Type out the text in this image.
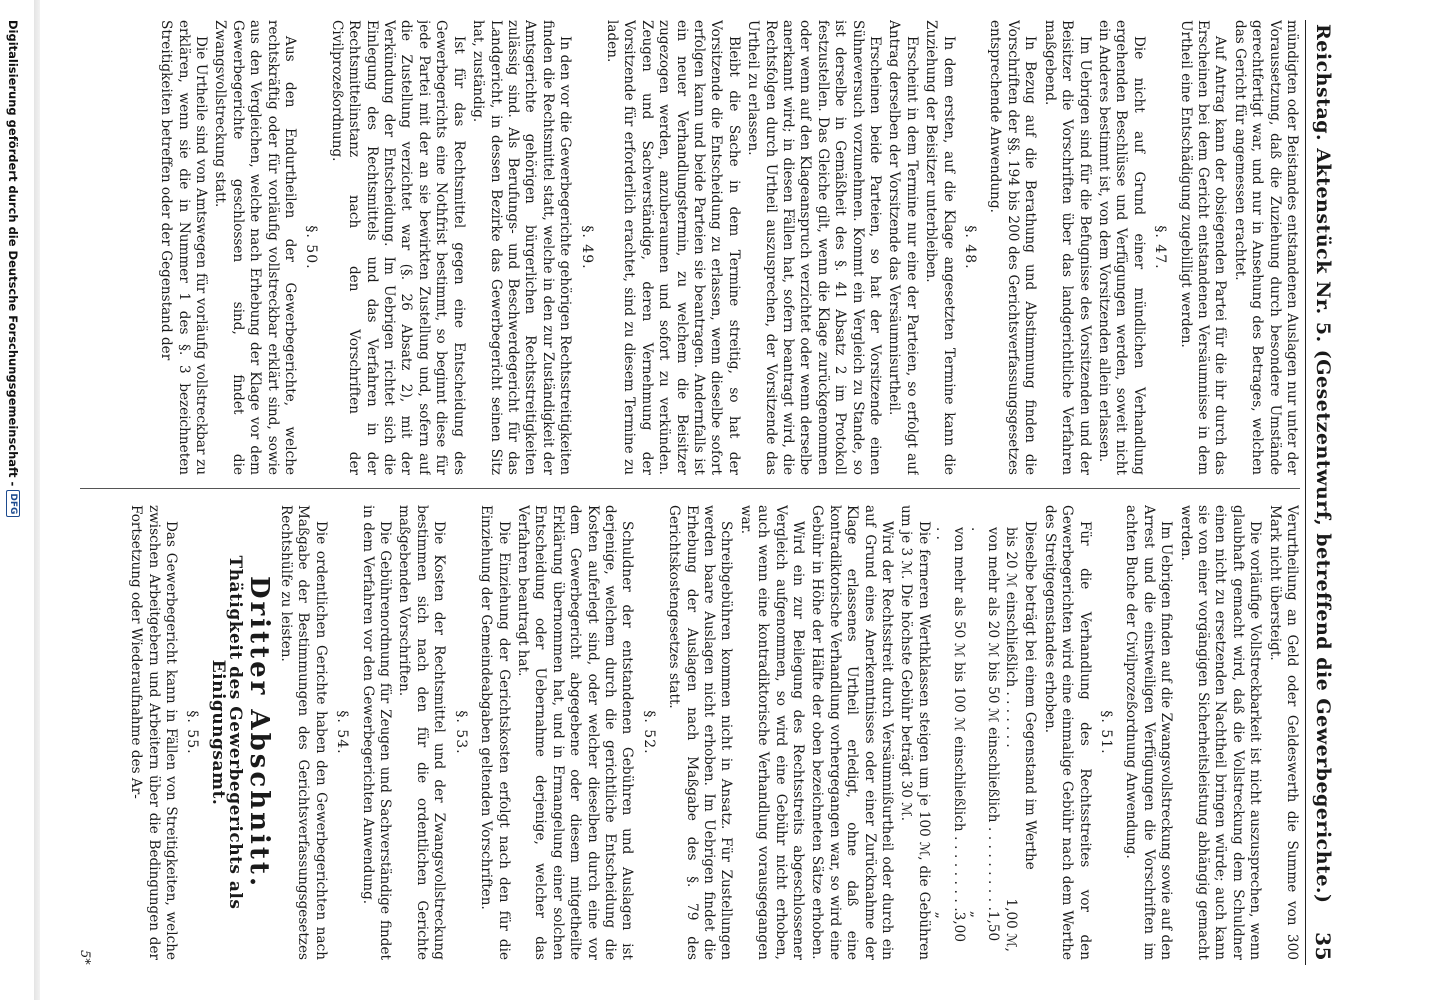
Reichstag. Aktenstück Nr. 5. (Gesetzentwurf, betreffend die Gewerbegerichte.)
35

mündigten oder Beistandes entstandenen Auslagen nur unter der Voraussetzung, daß die Zuziehung durch besondere Umstände gerechtfertigt war, und nur in Ansehung des Betrages, welchen das Gericht für angemessen erachtet.

Auf Antrag kann der obsiegenden Partei für die ihr durch das Erscheinen bei dem Gericht entstandenen Versäumnisse in dem Urtheil eine Entschädigung zugebilligt werden.

§. 47.

Die nicht auf Grund einer mündlichen Verhandlung ergehenden Beschlüsse und Verfügungen werden, soweit nicht ein Anderes bestimmt ist, von dem Vorsitzenden allein erlassen.

Im Uebrigen sind für die Befugnisse des Vorsitzenden und der Beisitzer die Vorschriften über das landgerichtliche Verfahren maßgebend.

In Bezug auf die Berathung und Abstimmung finden die Vorschriften der §§. 194 bis 200 des Gerichtsverfassungsgesetzes entsprechende Anwendung.

§. 48.

In dem ersten, auf die Klage angesetzten Termine kann die Zuziehung der Beisitzer unterbleiben.

Erscheint in dem Termine nur eine der Parteien, so erfolgt auf Antrag derselben der Vorsitzende das Versäumnisurtheil.

Erscheinen beide Parteien, so hat der Vorsitzende einen Sühneversuch vorzunehmen. Kommt ein Vergleich zu Stande, so ist derselbe in Gemäßheit des §. 41 Absatz 2 im Protokoll festzustellen. Das Gleiche gilt, wenn die Klage zurückgenommen oder wenn auf den Klageanspruch verzichtet oder wenn derselbe anerkannt wird; in diesen Fällen hat, sofern beantragt wird, die Rechtsfolgen durch Urtheil auszusprechen, der Vorsitzende das Urtheil zu erlassen.

Bleibt die Sache in dem Termine streitig, so hat der Vorsitzende die Entscheidung zu erlassen, wenn dieselbe sofort erfolgen kann und beide Parteien sie beantragen. Andernfalls ist ein neuer Verhandlungstermin, zu welchem die Beisitzer zugezogen werden, anzuberaumen und sofort zu verkünden. Zeugen und Sachverständige, deren Vernehmung der Vorsitzende für erforderlich erachtet, sind zu diesem Termine zu laden.

§. 49.

In den vor die Gewerbegerichte gehörigen Rechtsstreitigkeiten finden die Rechtsmittel statt, welche in den zur Zuständigkeit der Amtsgerichte gehörigen bürgerlichen Rechtsstreitigkeiten zulässig sind. Als Berufungs- und Beschwerdegericht für das Landgericht, in dessen Bezirke das Gewerbegericht seinen Sitz hat, zuständig.

Ist für das Rechtsmittel gegen eine Entscheidung des Gewerbegerichts eine Nothfrist bestimmt, so beginnt diese für jede Partei mit der an sie bewirkten Zustellung und, sofern auf die Zustellung verzichtet war (§. 26 Absatz 2), mit der Verkündung der Entscheidung. Im Uebrigen richtet sich die Einlegung des Rechtsmittels und das Verfahren in der Rechtsmittelinstanz nach den Vorschriften der Civilprozeßordnung.

§. 50.

Aus den Endurtheilen der Gewerbegerichte, welche rechtskräftig oder für vorläufig vollstreckbar erklärt sind, sowie aus den Vergleichen, welche nach Erhebung der Klage vor dem Gewerbegerichte geschlossen sind, findet die Zwangsvollstreckung statt.

Die Urtheile sind von Amtswegen für vorläufig vollstreckbar zu erklären, wenn sie die in Nummer 1 des §. 3 bezeichneten Streitigkeiten betreffen oder der Gegenstand der

Verurtheilung an Geld oder Geldeswerth die Summe von 300 Mark nicht übersteigt.

Die vorläufige Vollstreckbarkeit ist nicht auszusprechen, wenn glaubhaft gemacht wird, daß die Vollstreckung dem Schuldner einen nicht zu ersetzenden Nachtheil bringen würde; auch kann sie von einer vorgängigen Sicherheitsleistung abhängig gemacht werden.

Im Uebrigen finden auf die Zwangsvollstreckung sowie auf den Arrest und die einstweiligen Verfügungen die Vorschriften im achten Buche der Civilprozeßordnung Anwendung.

§. 51.

Für die Verhandlung des Rechtsstreites vor den Gewerbegerichten wird eine einmalige Gebühr nach dem Werthe des Streitgegenstandes erhoben.

Dieselbe beträgt bei einem Gegenstand im Werthe

bis 20 ℳ einschließlich . . . . . . .
1,00 ℳ,
von mehr als 20 ℳ bis 50 ℳ einschließlich . . . . . . . . . . .
1,50 „
von mehr als 50 ℳ bis 100 ℳ einschließlich . . . . . . . . . . .
3,00 „

Die ferneren Werthklassen steigen um je 100 ℳ, die Gebühren um je 3 ℳ. Die höchste Gebühr beträgt 30 ℳ.

Wird der Rechtsstreit durch Versäumnißurtheil oder durch ein auf Grund eines Anerkenntnisses oder einer Zurücknahme der Klage erlassenes Urtheil erledigt, ohne daß eine kontradiktorische Verhandlung vorhergegangen war, so wird eine Gebühr in Höhe der Hälfte der oben bezeichneten Sätze erhoben.

Wird ein zur Beilegung des Rechtsstreits abgeschlossener Vergleich aufgenommen, so wird eine Gebühr nicht erhoben, auch wenn eine kontradiktorische Verhandlung vorausgegangen war.

Schreibgebühren kommen nicht in Ansatz. Für Zustellungen werden baare Auslagen nicht erhoben. Im Uebrigen findet die Erhebung der Auslagen nach Maßgabe des §. 79 des Gerichtskostengesetzes statt.

§. 52.

Schuldner der entstandenen Gebühren und Auslagen ist derjenige, welchem durch die gerichtliche Entscheidung die Kosten auferlegt sind, oder welcher dieselben durch eine vor dem Gewerbegericht abgegebene oder diesem mitgetheilte Erklärung übernommen hat, und in Ermangelung einer solchen Entscheidung oder Uebernahme derjenige, welcher das Verfahren beantragt hat.

Die Einziehung der Gerichtskosten erfolgt nach den für die Einziehung der Gemeindeabgaben geltenden Vorschriften.

§. 53.

Die Kosten der Rechtsmittel und der Zwangsvollstreckung bestimmen sich nach den für die ordentlichen Gerichte maßgebenden Vorschriften.

Die Gebührenordnung für Zeugen und Sachverständige findet in dem Verfahren vor den Gewerbegerichten Anwendung.

§. 54.

Die ordentlichen Gerichte haben den Gewerbegerichten nach Maßgabe der Bestimmungen des Gerichtsverfassungsgesetzes Rechtshülfe zu leisten.

Dritter Abschnitt.
Thätigkeit des Gewerbegerichts als Einigungsamt.
§. 55.

Das Gewerbegericht kann in Fällen von Streitigkeiten, welche zwischen Arbeitgebern und Arbeitern über die Bedingungen der Fortsetzung oder Wiederaufnahme des Ar-

5*
Digitalisierung gefördert durch die Deutsche Forschungsgemeinschaft -
DFG
